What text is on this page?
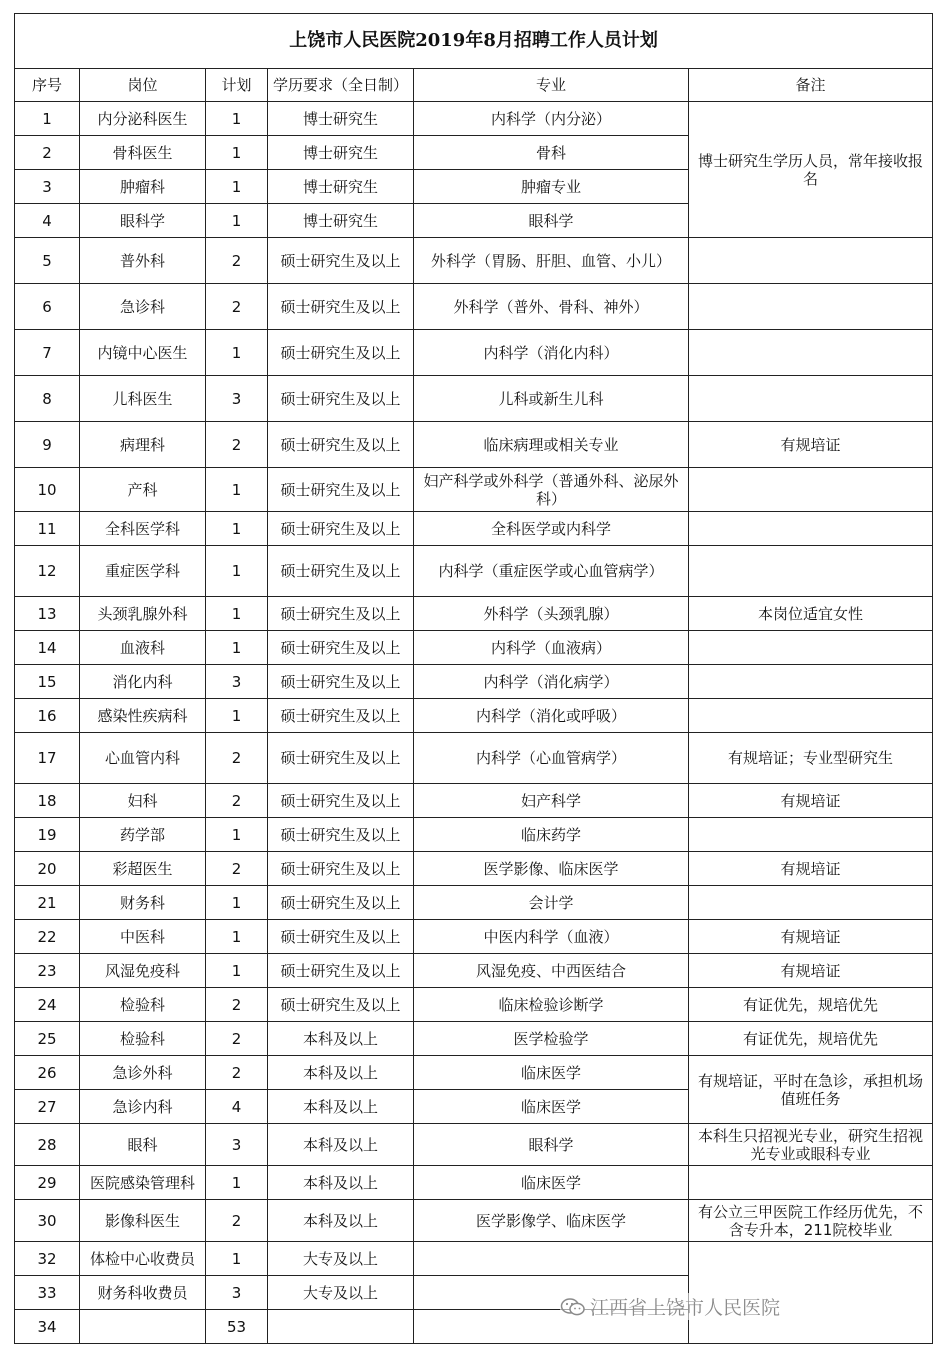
上饶市人民医院2019年8月招聘工作人员计划					
序号	岗位	计划	学历要求（全日制）	专业	备注
1	内分泌科医生	1	博士研究生	内科学（内分泌）	博士研究生学历人员，常年接收报名
2	骨科医生	1	博士研究生	骨科	
3	肿瘤科	1	博士研究生	肿瘤专业	
4	眼科学	1	博士研究生	眼科学	
5	普外科	2	硕士研究生及以上	外科学（胃肠、肝胆、血管、小儿）	
6	急诊科	2	硕士研究生及以上	外科学（普外、骨科、神外）	
7	内镜中心医生	1	硕士研究生及以上	内科学（消化内科）	
8	儿科医生	3	硕士研究生及以上	儿科或新生儿科	
9	病理科	2	硕士研究生及以上	临床病理或相关专业	有规培证
10	产科	1	硕士研究生及以上	妇产科学或外科学（普通外科、泌尿外科）	
11	全科医学科	1	硕士研究生及以上	全科医学或内科学	
12	重症医学科	1	硕士研究生及以上	内科学（重症医学或心血管病学）	
13	头颈乳腺外科	1	硕士研究生及以上	外科学（头颈乳腺）	本岗位适宜女性
14	血液科	1	硕士研究生及以上	内科学（血液病）	
15	消化内科	3	硕士研究生及以上	内科学（消化病学）	
16	感染性疾病科	1	硕士研究生及以上	内科学（消化或呼吸）	
17	心血管内科	2	硕士研究生及以上	内科学（心血管病学）	有规培证；专业型研究生
18	妇科	2	硕士研究生及以上	妇产科学	有规培证
19	药学部	1	硕士研究生及以上	临床药学	
20	彩超医生	2	硕士研究生及以上	医学影像、临床医学	有规培证
21	财务科	1	硕士研究生及以上	会计学	
22	中医科	1	硕士研究生及以上	中医内科学（血液）	有规培证
23	风湿免疫科	1	硕士研究生及以上	风湿免疫、中西医结合	有规培证
24	检验科	2	硕士研究生及以上	临床检验诊断学	有证优先，规培优先
25	检验科	2	本科及以上	医学检验学	有证优先，规培优先
26	急诊外科	2	本科及以上	临床医学	有规培证，平时在急诊，承担机场值班任务
27	急诊内科	4	本科及以上	临床医学	
28	眼科	3	本科及以上	眼科学	本科生只招视光专业，研究生招视光专业或眼科专业
29	医院感染管理科	1	本科及以上	临床医学	
30	影像科医生	2	本科及以上	医学影像学、临床医学	有公立三甲医院工作经历优先，不含专升本，211院校毕业
32	体检中心收费员	1	大专及以上		
33	财务科收费员	3	大专及以上		
34		53			
江西省上饶市人民医院
